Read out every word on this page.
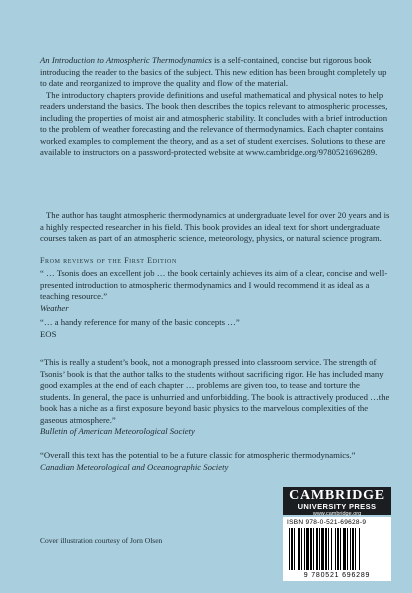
An Introduction to Atmospheric Thermodynamics is a self-contained, concise but rigorous book introducing the reader to the basics of the subject. This new edition has been brought completely up to date and reorganized to improve the quality and flow of the material.

The introductory chapters provide definitions and useful mathematical and physical notes to help readers understand the basics. The book then describes the topics relevant to atmospheric processes, including the properties of moist air and atmospheric stability. It concludes with a brief introduction to the problem of weather forecasting and the relevance of thermodynamics. Each chapter contains worked examples to complement the theory, and as a set of student exercises. Solutions to these are available to instructors on a password-protected website at www.cambridge.org/9780521696289.

The author has taught atmospheric thermodynamics at undergraduate level for over 20 years and is a highly respected researcher in his field. This book provides an ideal text for short undergraduate courses taken as part of an atmospheric science, meteorology, physics, or natural science program.

From reviews of the First Edition

“ … Tsonis does an excellent job … the book certainly achieves its aim of a clear, concise and well-presented introduction to atmospheric thermodynamics and I would recommend it as ideal as a teaching resource.”

Weather

“… a handy reference for many of the basic concepts …”

EOS

“This is really a student’s book, not a monograph pressed into classroom service. The strength of Tsonis’ book is that the author talks to the students without sacrificing rigor. He has included many good examples at the end of each chapter … problems are given too, to tease and torture the students. In general, the pace is unhurried and unforbidding. The book is attractively produced …the book has a niche as a first exposure beyond basic physics to the marvelous complexities of the gaseous atmosphere.”

Bulletin of American Meteorological Society

“Overall this text has the potential to be a future classic for atmospheric thermodynamics.”

Canadian Meteorological and Oceanographic Society

CAMBRIDGE
UNIVERSITY PRESS
www.cambridge.org
ISBN 978-0-521-69628-9
9 780521 696289
Cover illustration courtesy of Jorn Olsen
